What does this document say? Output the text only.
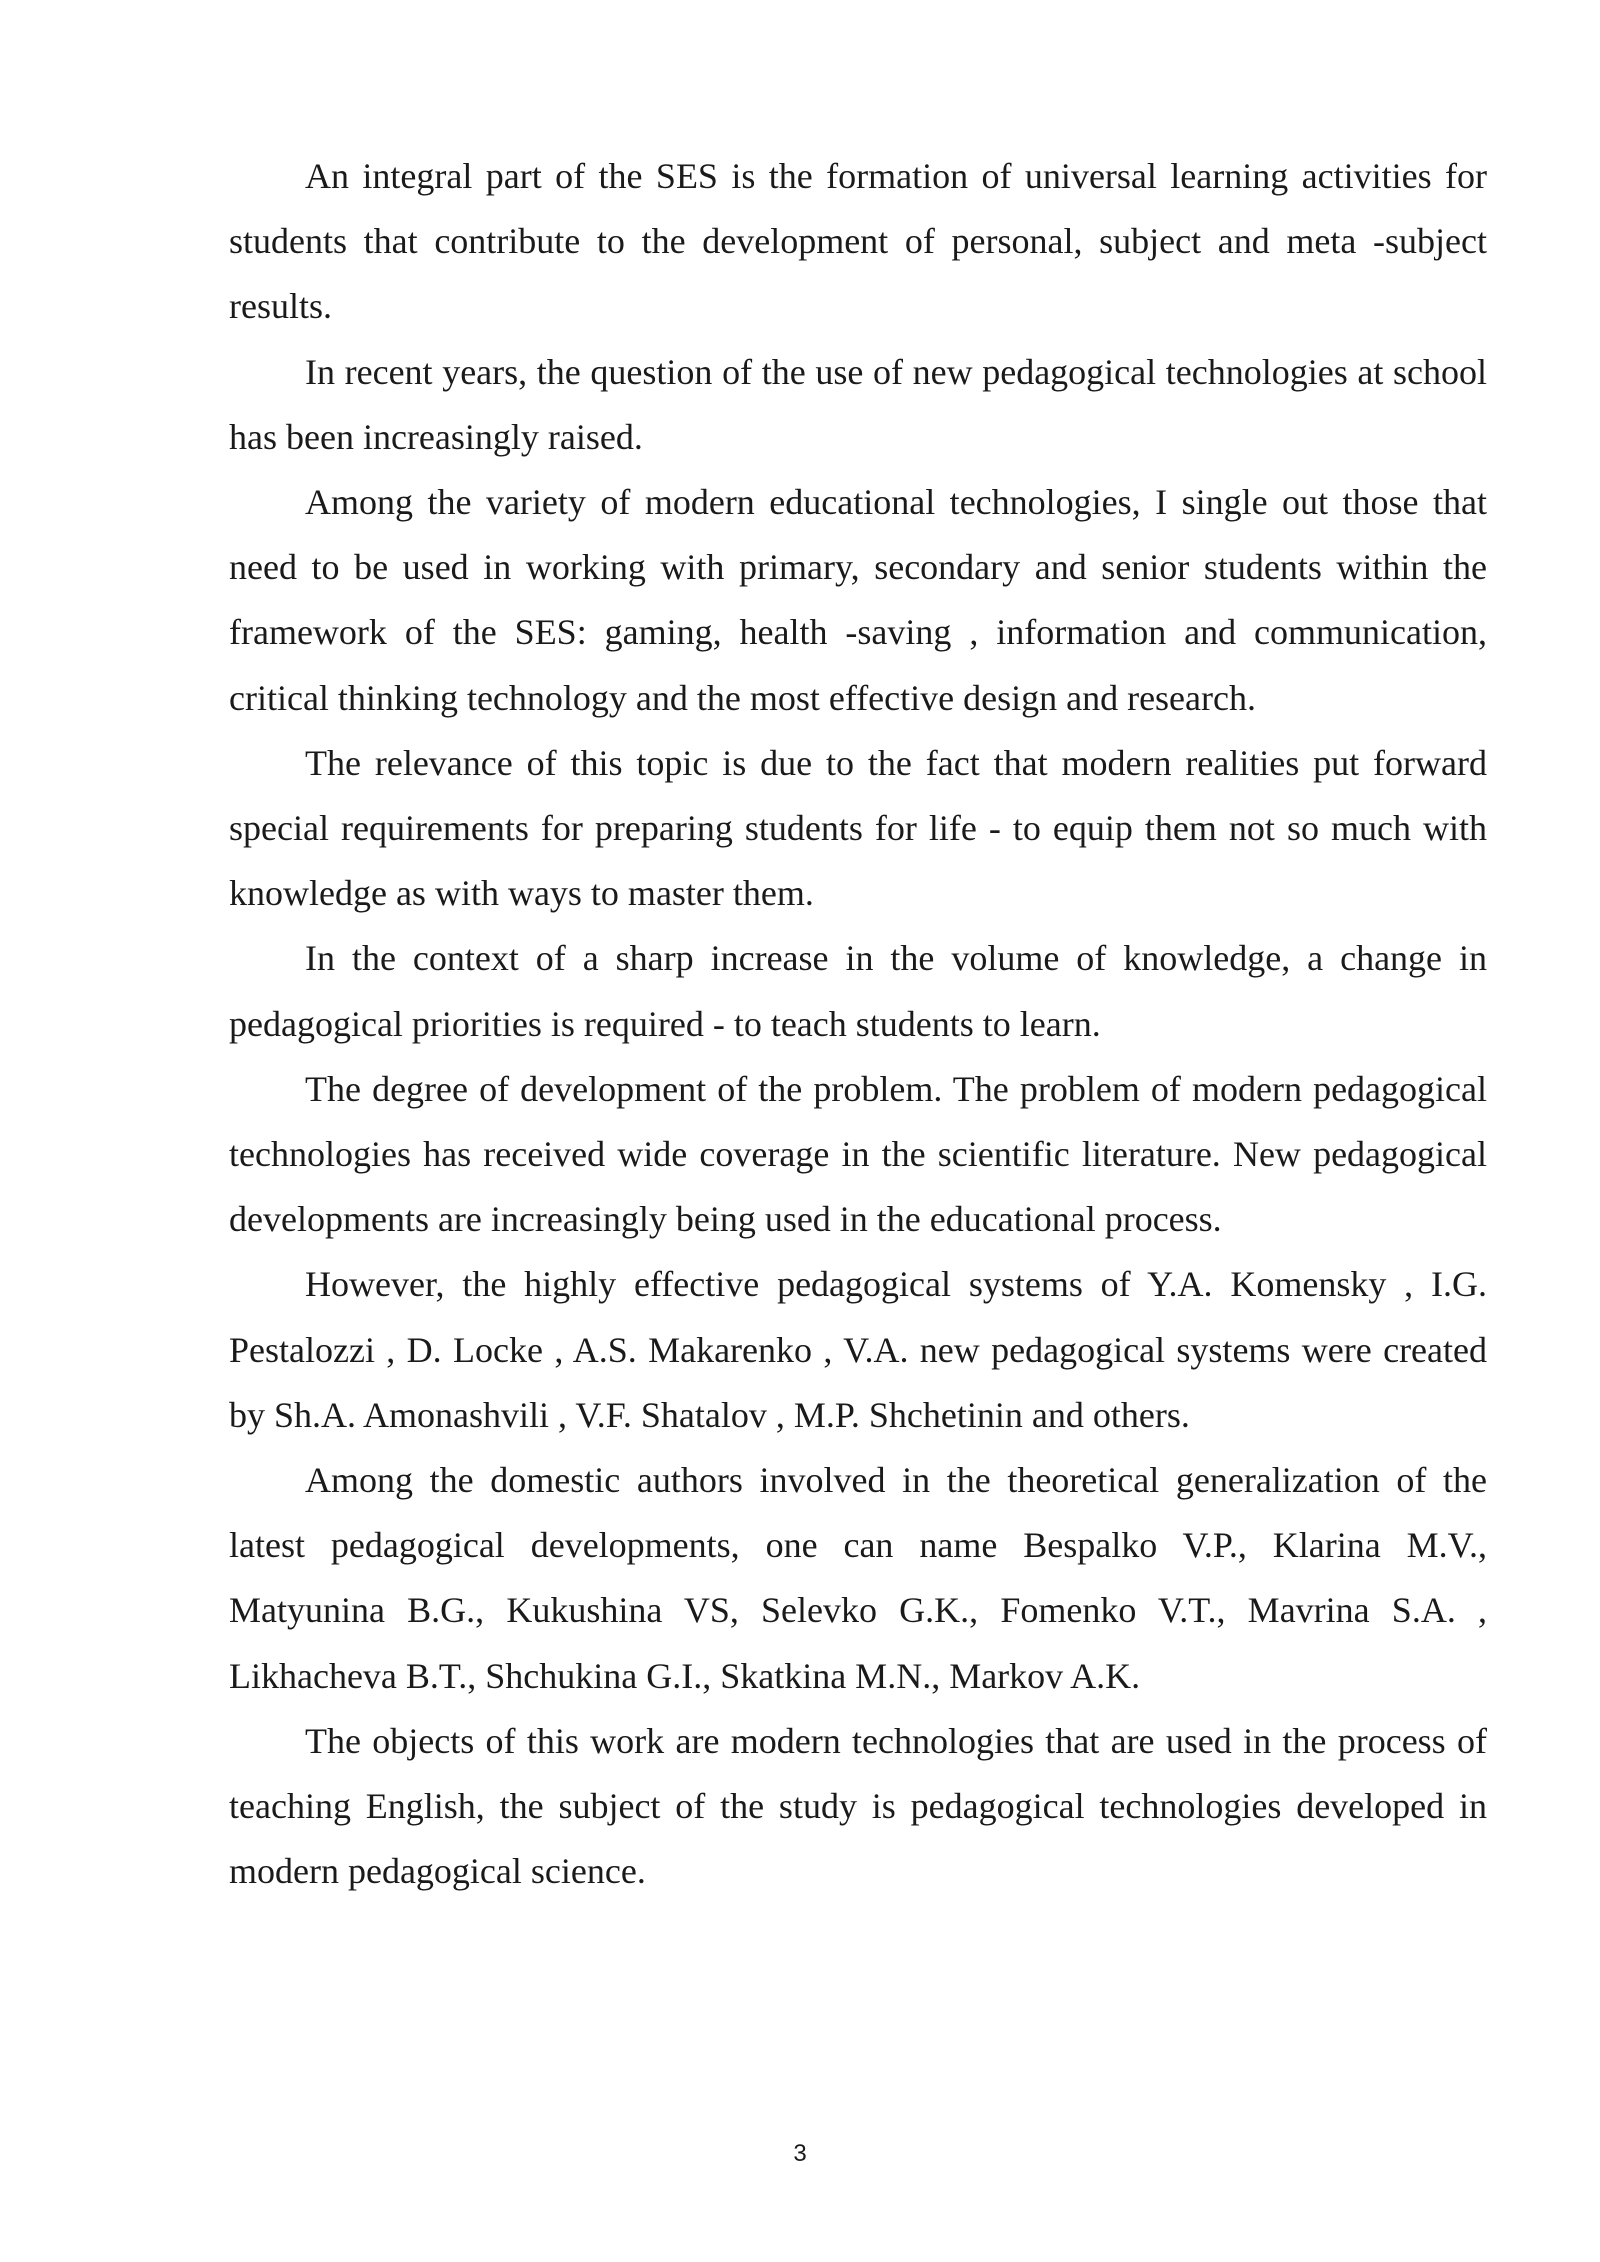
An integral part of the SES is the formation of universal learning activities for students that contribute to the development of personal, subject and meta -subject results.

In recent years, the question of the use of new pedagogical technologies at school has been increasingly raised.

Among the variety of modern educational technologies, I single out those that need to be used in working with primary, secondary and senior students within the framework of the SES: gaming, health -saving , information and communication, critical thinking technology and the most effective design and research.

The relevance of this topic is due to the fact that modern realities put forward special requirements for preparing students for life - to equip them not so much with knowledge as with ways to master them.

In the context of a sharp increase in the volume of knowledge, a change in pedagogical priorities is required - to teach students to learn.

The degree of development of the problem. The problem of modern pedagogical technologies has received wide coverage in the scientific literature. New pedagogical developments are increasingly being used in the educational process.

However, the highly effective pedagogical systems of Y.A. Komensky , I.G. Pestalozzi , D. Locke , A.S. Makarenko , V.A. new pedagogical systems were created by Sh.A. Amonashvili , V.F. Shatalov , M.P. Shchetinin and others.

Among the domestic authors involved in the theoretical generalization of the latest pedagogical developments, one can name Bespalko V.P., Klarina M.V., Matyunina B.G., Kukushina VS, Selevko G.K., Fomenko V.T., Mavrina S.A. , Likhacheva B.T., Shchukina G.I., Skatkina M.N., Markov A.K.

The objects of this work are modern technologies that are used in the process of teaching English, the subject of the study is pedagogical technologies developed in modern pedagogical science.

3
